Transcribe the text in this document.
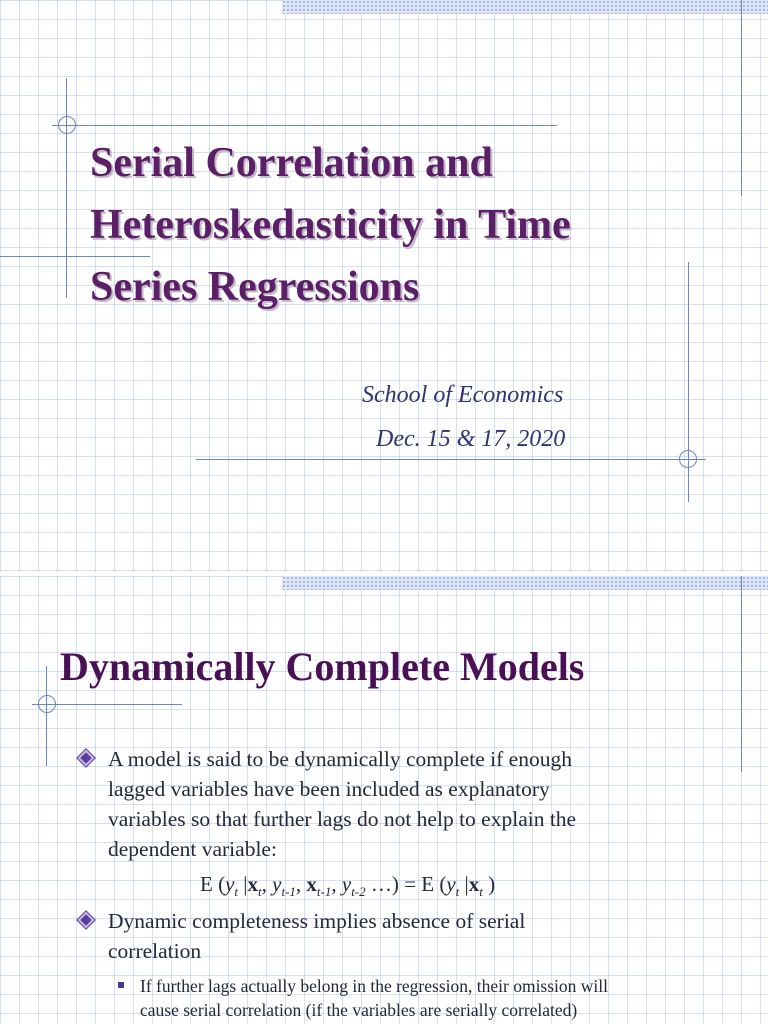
Serial Correlation and
Heteroskedasticity in Time
Series Regressions
School of Economics
Dec. 15 & 17, 2020
Dynamically Complete Models
A model is said to be dynamically complete if enough
lagged variables have been included as explanatory
variables so that further lags do not help to explain the
dependent variable:
E ($y_t$ $|x_t$, $y_{t-1}$, $x_{t-1}$, $y_{t-2}$ …) = E ($y_t$ $|x_t$ )
Dynamic completeness implies absence of serial
correlation
If further lags actually belong in the regression, their omission will
cause serial correlation (if the variables are serially correlated)
